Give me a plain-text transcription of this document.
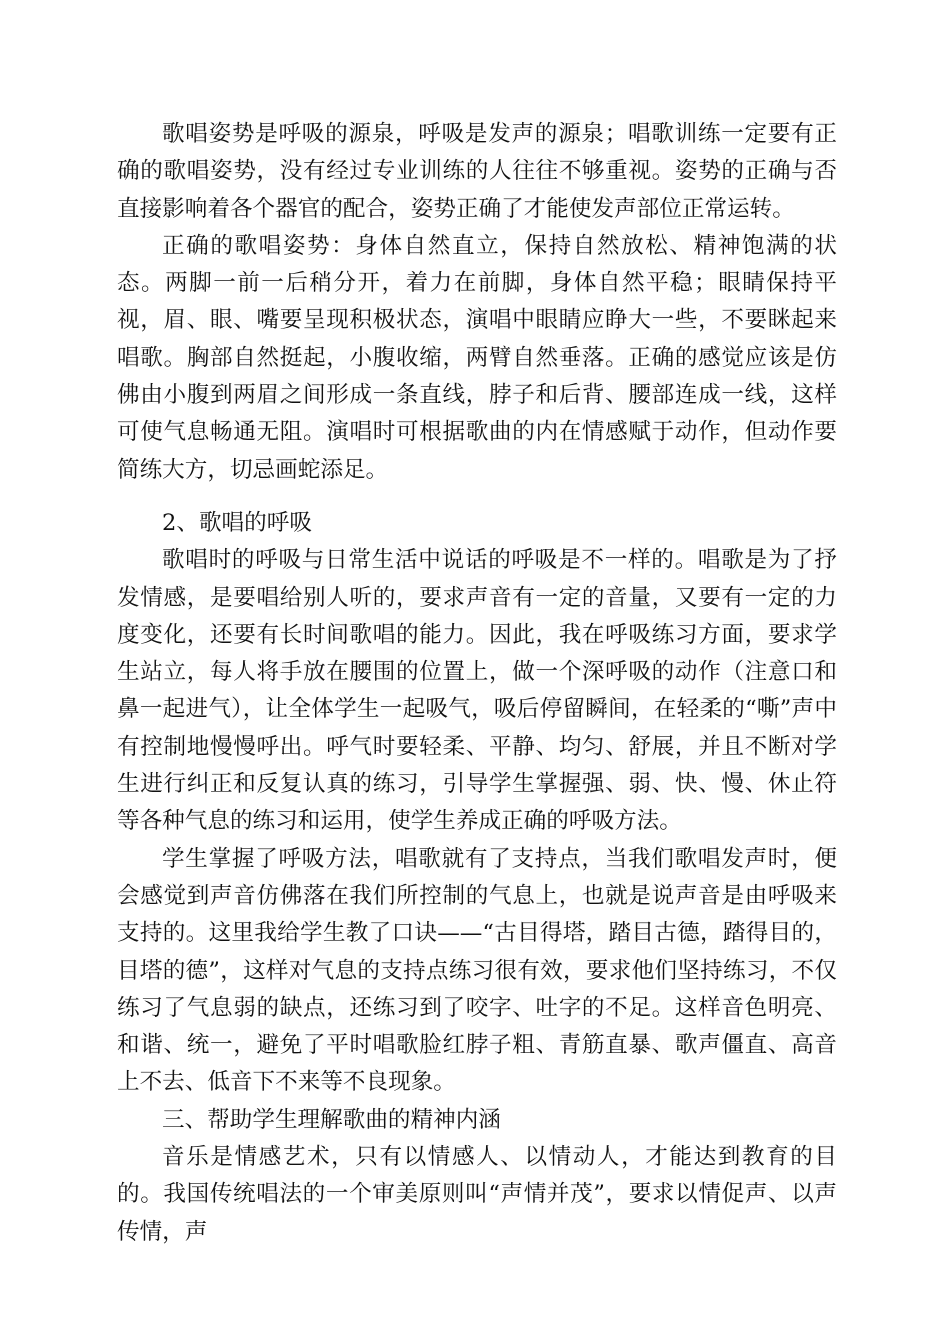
歌唱姿势是呼吸的源泉，呼吸是发声的源泉；唱歌训练一定要有正确的歌唱姿势，没有经过专业训练的人往往不够重视。姿势的正确与否直接影响着各个器官的配合，姿势正确了才能使发声部位正常运转。

正确的歌唱姿势：身体自然直立，保持自然放松、精神饱满的状态。两脚一前一后稍分开，着力在前脚，身体自然平稳；眼睛保持平视，眉、眼、嘴要呈现积极状态，演唱中眼睛应睁大一些，不要眯起来唱歌。胸部自然挺起，小腹收缩，两臂自然垂落。正确的感觉应该是仿佛由小腹到两眉之间形成一条直线，脖子和后背、腰部连成一线，这样可使气息畅通无阻。演唱时可根据歌曲的内在情感赋于动作，但动作要简练大方，切忌画蛇添足。

2、歌唱的呼吸

歌唱时的呼吸与日常生活中说话的呼吸是不一样的。唱歌是为了抒发情感，是要唱给别人听的，要求声音有一定的音量，又要有一定的力度变化，还要有长时间歌唱的能力。因此，我在呼吸练习方面，要求学生站立，每人将手放在腰围的位置上，做一个深呼吸的动作（注意口和鼻一起进气），让全体学生一起吸气，吸后停留瞬间，在轻柔的“嘶”声中有控制地慢慢呼出。呼气时要轻柔、平静、均匀、舒展，并且不断对学生进行纠正和反复认真的练习，引导学生掌握强、弱、快、慢、休止符等各种气息的练习和运用，使学生养成正确的呼吸方法。

学生掌握了呼吸方法，唱歌就有了支持点，当我们歌唱发声时，便会感觉到声音仿佛落在我们所控制的气息上，也就是说声音是由呼吸来支持的。这里我给学生教了口诀——“古目得塔，踏目古德，踏得目的，目塔的德”，这样对气息的支持点练习很有效，要求他们坚持练习，不仅练习了气息弱的缺点，还练习到了咬字、吐字的不足。这样音色明亮、和谐、统一，避免了平时唱歌脸红脖子粗、青筋直暴、歌声僵直、高音上不去、低音下不来等不良现象。

三、帮助学生理解歌曲的精神内涵

音乐是情感艺术，只有以情感人、以情动人，才能达到教育的目的。我国传统唱法的一个审美原则叫“声情并茂”，要求以情促声、以声传情，声
